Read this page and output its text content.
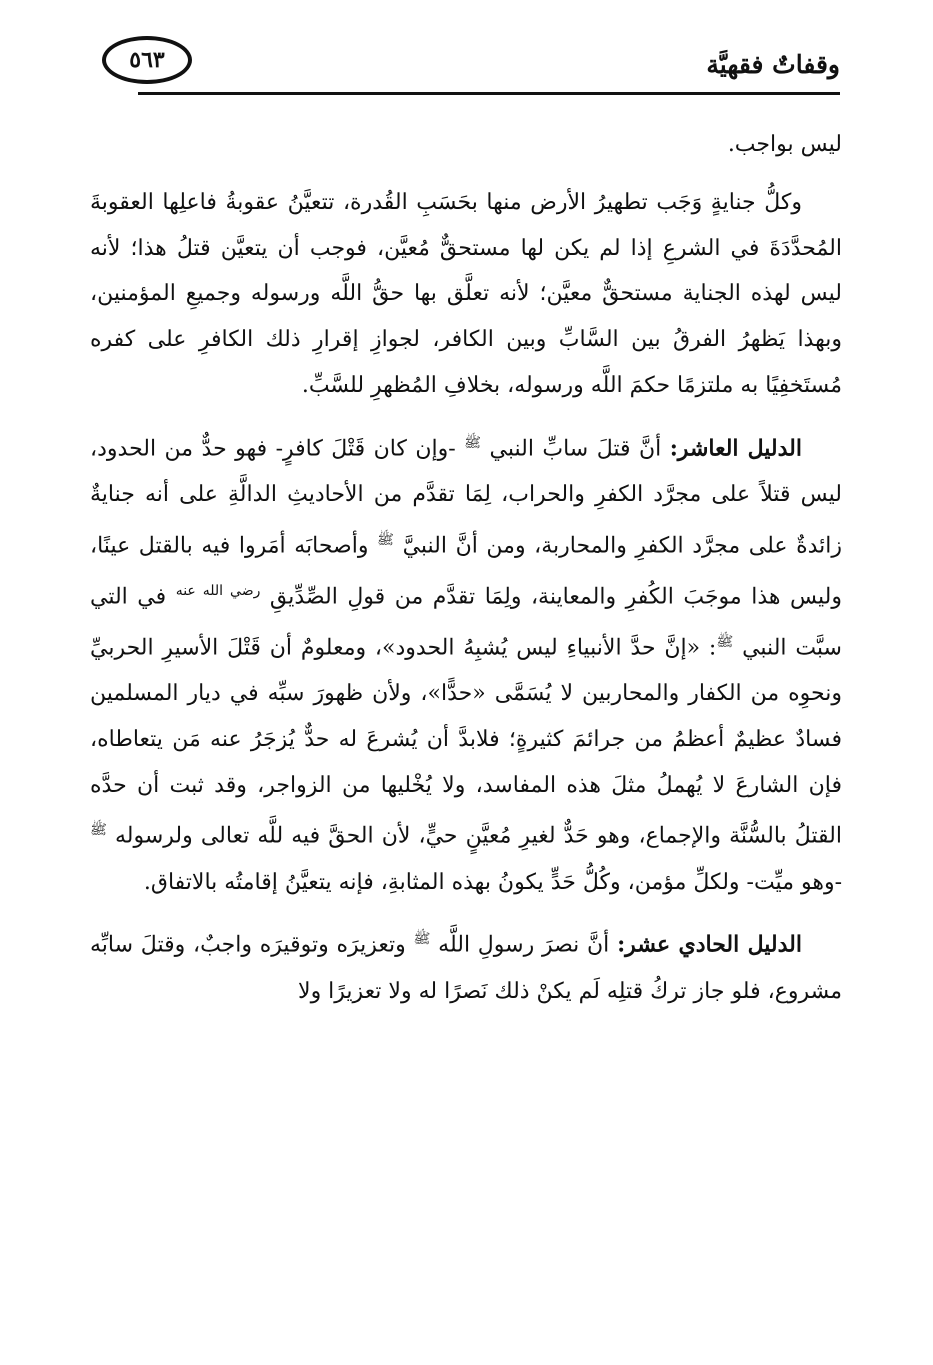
وقفاتٌ فقهيَّة
٥٦٣

ليس بواجب.

وكلُّ جنايةٍ وَجَب تطهيرُ الأرض منها بحَسَبِ القُدرة، تتعيَّنُ عقوبةُ فاعلِها العقوبةَ المُحدَّدَةَ في الشرعِ إذا لم يكن لها مستحقٌّ مُعيَّن، فوجب أن يتعيَّن قتلُ هذا؛ لأنه ليس لهذه الجناية مستحقٌّ معيَّن؛ لأنه تعلَّق بها حقُّ اللَّه ورسوله وجميعِ المؤمنين، وبهذا يَظهرُ الفرقُ بين السَّابِّ وبين الكافر، لجوازِ إقرارِ ذلك الكافرِ على كفره مُستَخفِيًا به ملتزمًا حكمَ اللَّه ورسوله، بخلافِ المُظهرِ للسَّبِّ.

الدليل العاشر: أنَّ قتلَ سابِّ النبي $^ﷺ$ -وإن كان قَتْلَ كافرٍ- فهو حدٌّ من الحدود، ليس قتلاً على مجرَّد الكفرِ والحراب، لِمَا تقدَّم من الأحاديثِ الدالَّةِ على أنه جنايةٌ زائدةٌ على مجرَّد الكفرِ والمحاربة، ومن أنَّ النبيَّ $^ﷺ$ وأصحابَه أمَروا فيه بالقتل عينًا، وليس هذا موجَبَ الكُفرِ والمعاينة، ولِمَا تقدَّم من قولِ الصِّدِّيقِ $^{رضي الله عنه}$ في التي سبَّت النبي $^ﷺ$: «إنَّ حدَّ الأنبياءِ ليس يُشبِهُ الحدود»، ومعلومٌ أن قَتْلَ الأسيرِ الحربيِّ ونحوِه من الكفار والمحاربين لا يُسَمَّى «حدًّا»، ولأن ظهورَ سبِّه في ديار المسلمين فسادٌ عظيمٌ أعظمُ من جرائمَ كثيرةٍ؛ فلابدَّ أن يُشرعَ له حدٌّ يُزجَرُ عنه مَن يتعاطاه، فإن الشارعَ لا يُهملُ مثلَ هذه المفاسد، ولا يُخْليها من الزواجر، وقد ثبت أن حدَّه القتلُ بالسُّنَّة والإجماع، وهو حَدٌّ لغيرِ مُعيَّنٍ حيٍّ، لأن الحقَّ فيه للَّه تعالى ولرسوله $^ﷺ$ -وهو ميِّت- ولكلِّ مؤمن، وكُلُّ حَدٍّ يكونُ بهذه المثابةِ، فإنه يتعيَّنُ إقامتُه بالاتفاق.

الدليل الحادي عشر: أنَّ نصرَ رسولِ اللَّه $^ﷺ$ وتعزيرَه وتوقيرَه واجبٌ، وقتلَ سابِّه مشروع، فلو جاز تركُ قتلِه لَم يكنْ ذلك نَصرًا له ولا تعزيرًا ولا
